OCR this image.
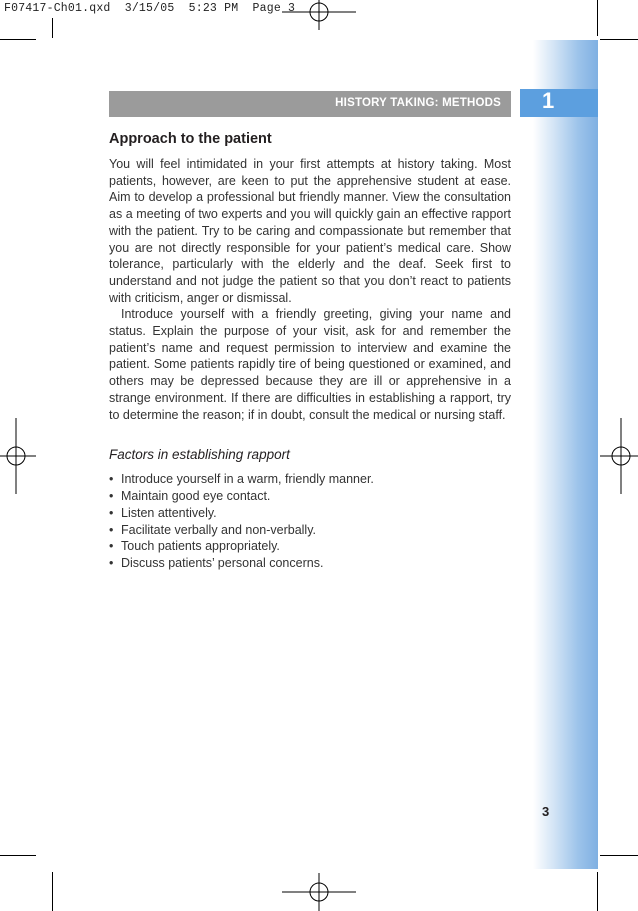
F07417-Ch01.qxd  3/15/05  5:23 PM  Page 3
1
HISTORY TAKING: METHODS
Approach to the patient

You will feel intimidated in your first attempts at history taking. Most patients, however, are keen to put the apprehensive student at ease. Aim to develop a professional but friendly manner. View the consultation as a meeting of two experts and you will quickly gain an effective rapport with the patient. Try to be caring and compassionate but remember that you are not directly responsible for your patient’s medical care. Show tolerance, particularly with the elderly and the deaf. Seek first to understand and not judge the patient so that you don’t react to patients with criticism, anger or dismissal.

Introduce yourself with a friendly greeting, giving your name and status. Explain the purpose of your visit, ask for and remember the patient’s name and request permission to interview and examine the patient. Some patients rapidly tire of being questioned or examined, and others may be depressed because they are ill or apprehensive in a strange environment. If there are difficulties in establishing a rapport, try to determine the reason; if in doubt, consult the medical or nursing staff.

Factors in establishing rapport
• Introduce yourself in a warm, friendly manner.
• Maintain good eye contact.
• Listen attentively.
• Facilitate verbally and non-verbally.
• Touch patients appropriately.
• Discuss patients’ personal concerns.
3
